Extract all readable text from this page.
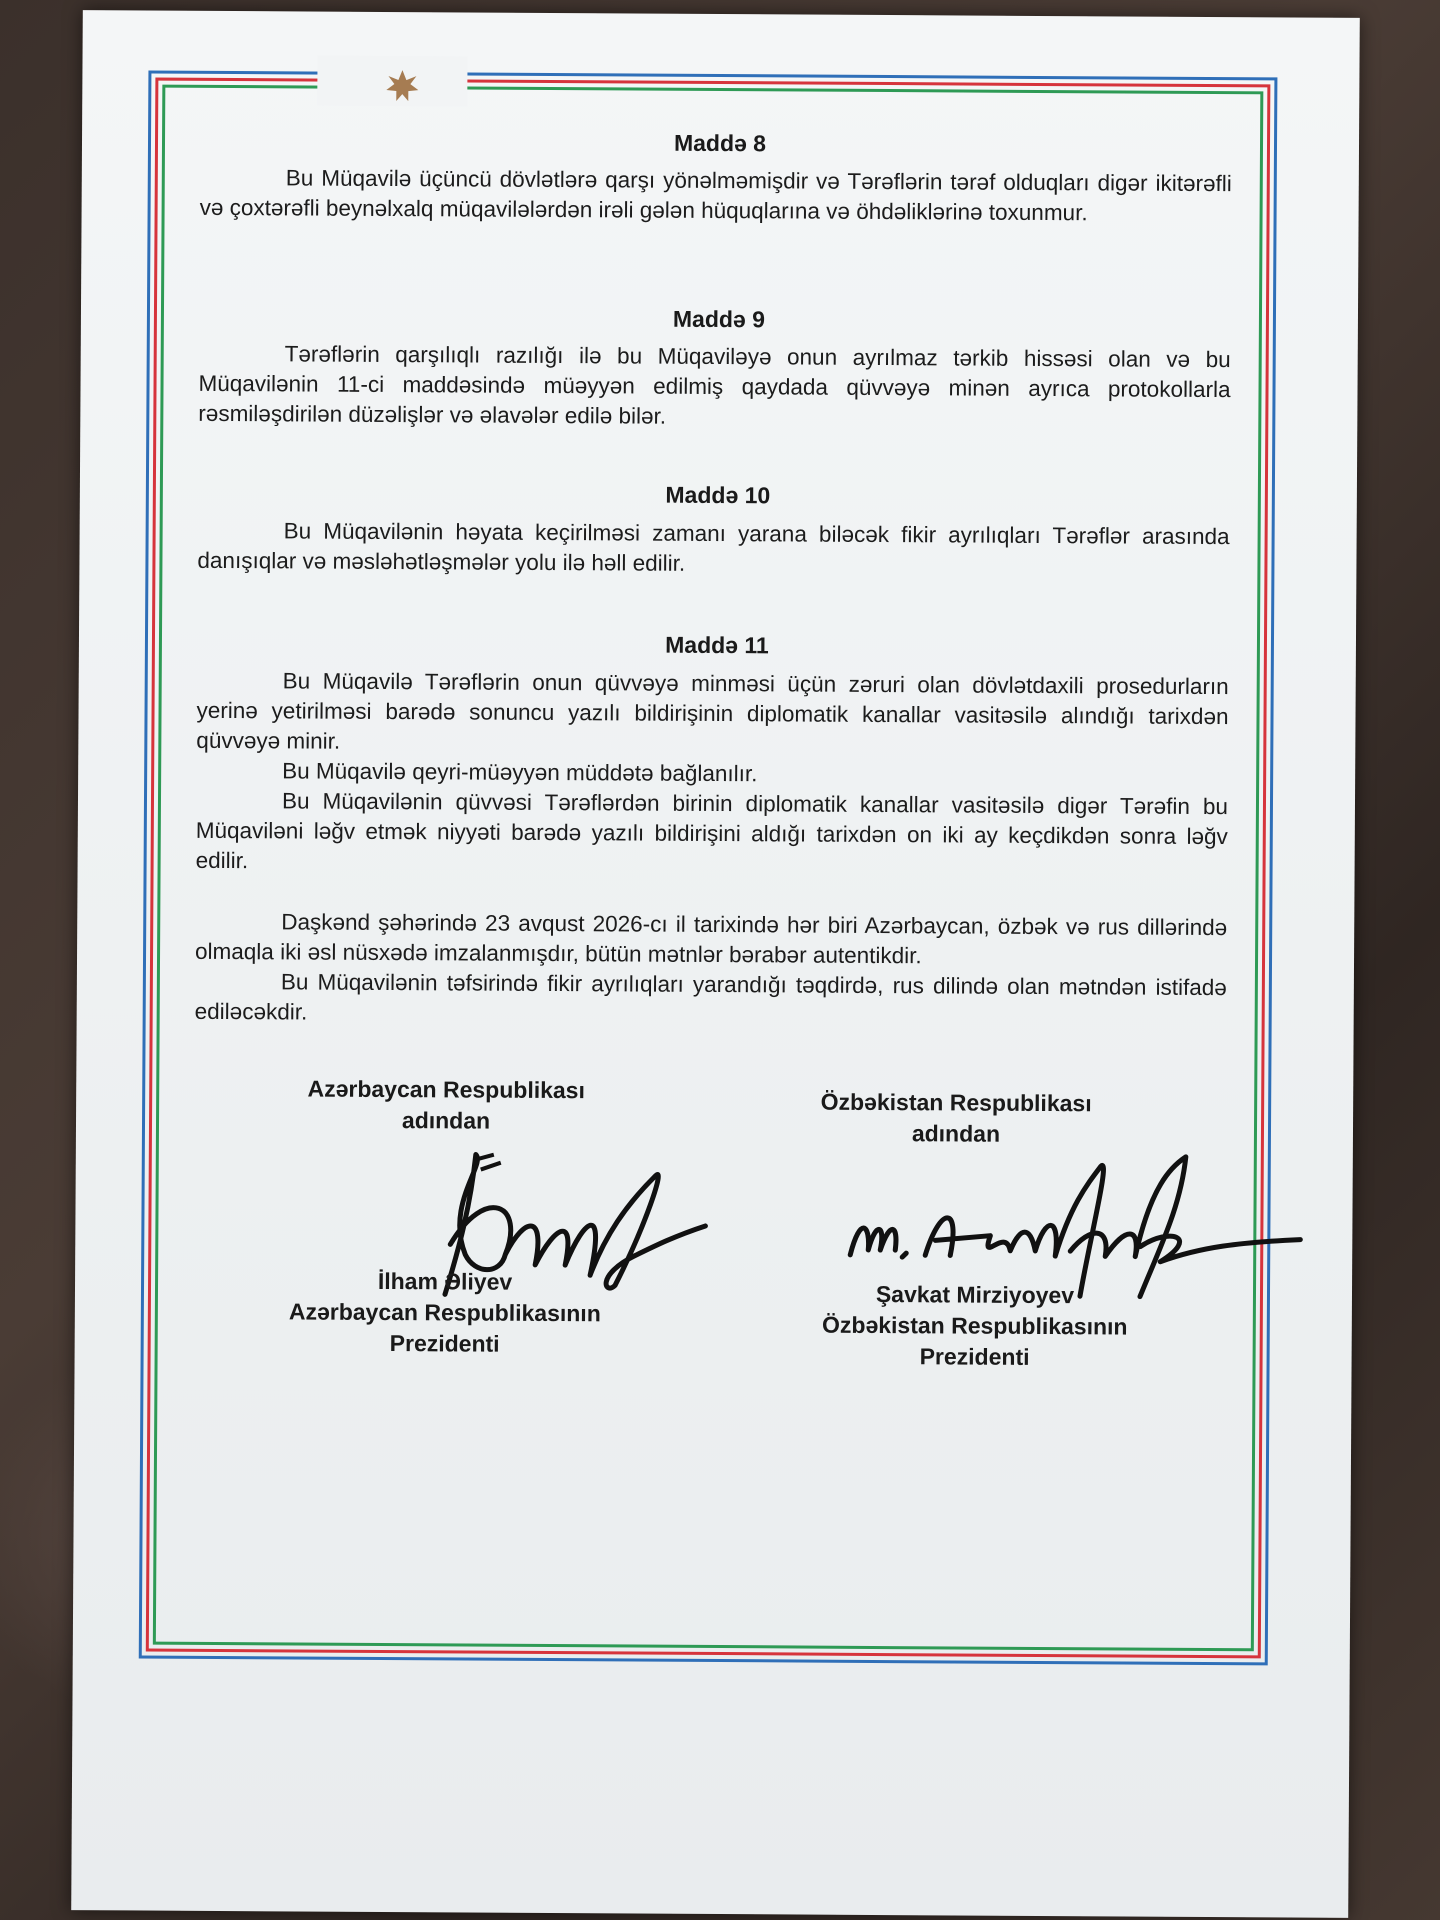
Maddə 8
Bu Müqavilə üçüncü dövlətlərə qarşı yönəlməmişdir və Tərəflərin tərəf olduqları digər ikitərəfli və çoxtərəfli beynəlxalq müqavilələrdən irəli gələn hüquqlarına və öhdəliklərinə toxunmur.
Maddə 9
Tərəflərin qarşılıqlı razılığı ilə bu Müqaviləyə onun ayrılmaz tərkib hissəsi olan və bu Müqavilənin 11-ci maddəsində müəyyən edilmiş qaydada qüvvəyə minən ayrıca protokollarla rəsmiləşdirilən düzəlişlər və əlavələr edilə bilər.
Maddə 10
Bu Müqavilənin həyata keçirilməsi zamanı yarana biləcək fikir ayrılıqları Tərəflər arasında danışıqlar və məsləhətləşmələr yolu ilə həll edilir.
Maddə 11
Bu Müqavilə Tərəflərin onun qüvvəyə minməsi üçün zəruri olan dövlətdaxili prosedurların yerinə yetirilməsi barədə sonuncu yazılı bildirişinin diplomatik kanallar vasitəsilə alındığı tarixdən qüvvəyə minir.
Bu Müqavilə qeyri-müəyyən müddətə bağlanılır.
Bu Müqavilənin qüvvəsi Tərəflərdən birinin diplomatik kanallar vasitəsilə digər Tərəfin bu Müqaviləni ləğv etmək niyyəti barədə yazılı bildirişini aldığı tarixdən on iki ay keçdikdən sonra ləğv edilir.
Daşkənd şəhərində 23 avqust 2026-cı il tarixində hər biri Azərbaycan, özbək və rus dillərində olmaqla iki əsl nüsxədə imzalanmışdır, bütün mətnlər bərabər autentikdir.
Bu Müqavilənin təfsirində fikir ayrılıqları yarandığı təqdirdə, rus dilində olan mətndən istifadə ediləcəkdir.
Azərbaycan Respublikası
adından
Özbəkistan Respublikası
adından
İlham Əliyev
Azərbaycan Respublikasının
Prezidenti
Şavkat Mirziyoyev
Özbəkistan Respublikasının
Prezidenti
